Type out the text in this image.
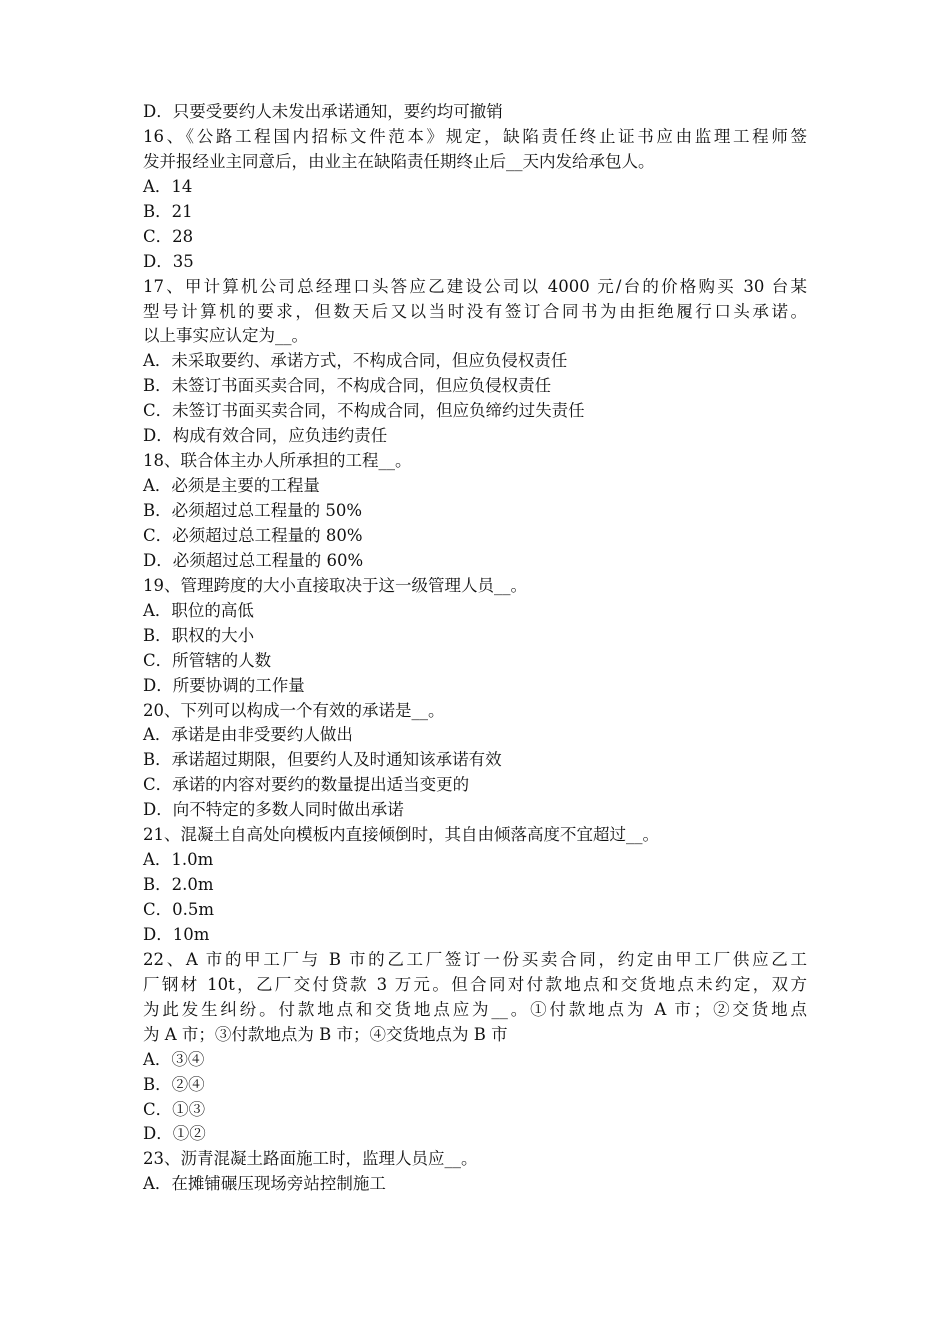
D．只要受要约人未发出承诺通知，要约均可撤销
16、《公路工程国内招标文件范本》规定，缺陷责任终止证书应由监理工程师签
发并报经业主同意后，由业主在缺陷责任期终止后__天内发给承包人。
A．14
B．21
C．28
D．35
17、甲计算机公司总经理口头答应乙建设公司以 4000 元/台的价格购买 30 台某
型号计算机的要求，但数天后又以当时没有签订合同书为由拒绝履行口头承诺。
以上事实应认定为__。
A．未采取要约、承诺方式，不构成合同，但应负侵权责任
B．未签订书面买卖合同，不构成合同，但应负侵权责任
C．未签订书面买卖合同，不构成合同，但应负缔约过失责任
D．构成有效合同，应负违约责任
18、联合体主办人所承担的工程__。
A．必须是主要的工程量
B．必须超过总工程量的 50%
C．必须超过总工程量的 80%
D．必须超过总工程量的 60%
19、管理跨度的大小直接取决于这一级管理人员__。
A．职位的高低
B．职权的大小
C．所管辖的人数
D．所要协调的工作量
20、下列可以构成一个有效的承诺是__。
A．承诺是由非受要约人做出
B．承诺超过期限，但要约人及时通知该承诺有效
C．承诺的内容对要约的数量提出适当变更的
D．向不特定的多数人同时做出承诺
21、混凝土自高处向模板内直接倾倒时，其自由倾落高度不宜超过__。
A．1.0m
B．2.0m
C．0.5m
D．10m
22、A 市的甲工厂与 B 市的乙工厂签订一份买卖合同，约定由甲工厂供应乙工
厂钢材 10t，乙厂交付贷款 3 万元。但合同对付款地点和交货地点未约定，双方
为此发生纠纷。付款地点和交货地点应为__。①付款地点为 A 市；②交货地点
为 A 市；③付款地点为 B 市；④交货地点为 B 市
A．③④
B．②④
C．①③
D．①②
23、沥青混凝土路面施工时，监理人员应__。
A．在摊铺碾压现场旁站控制施工
